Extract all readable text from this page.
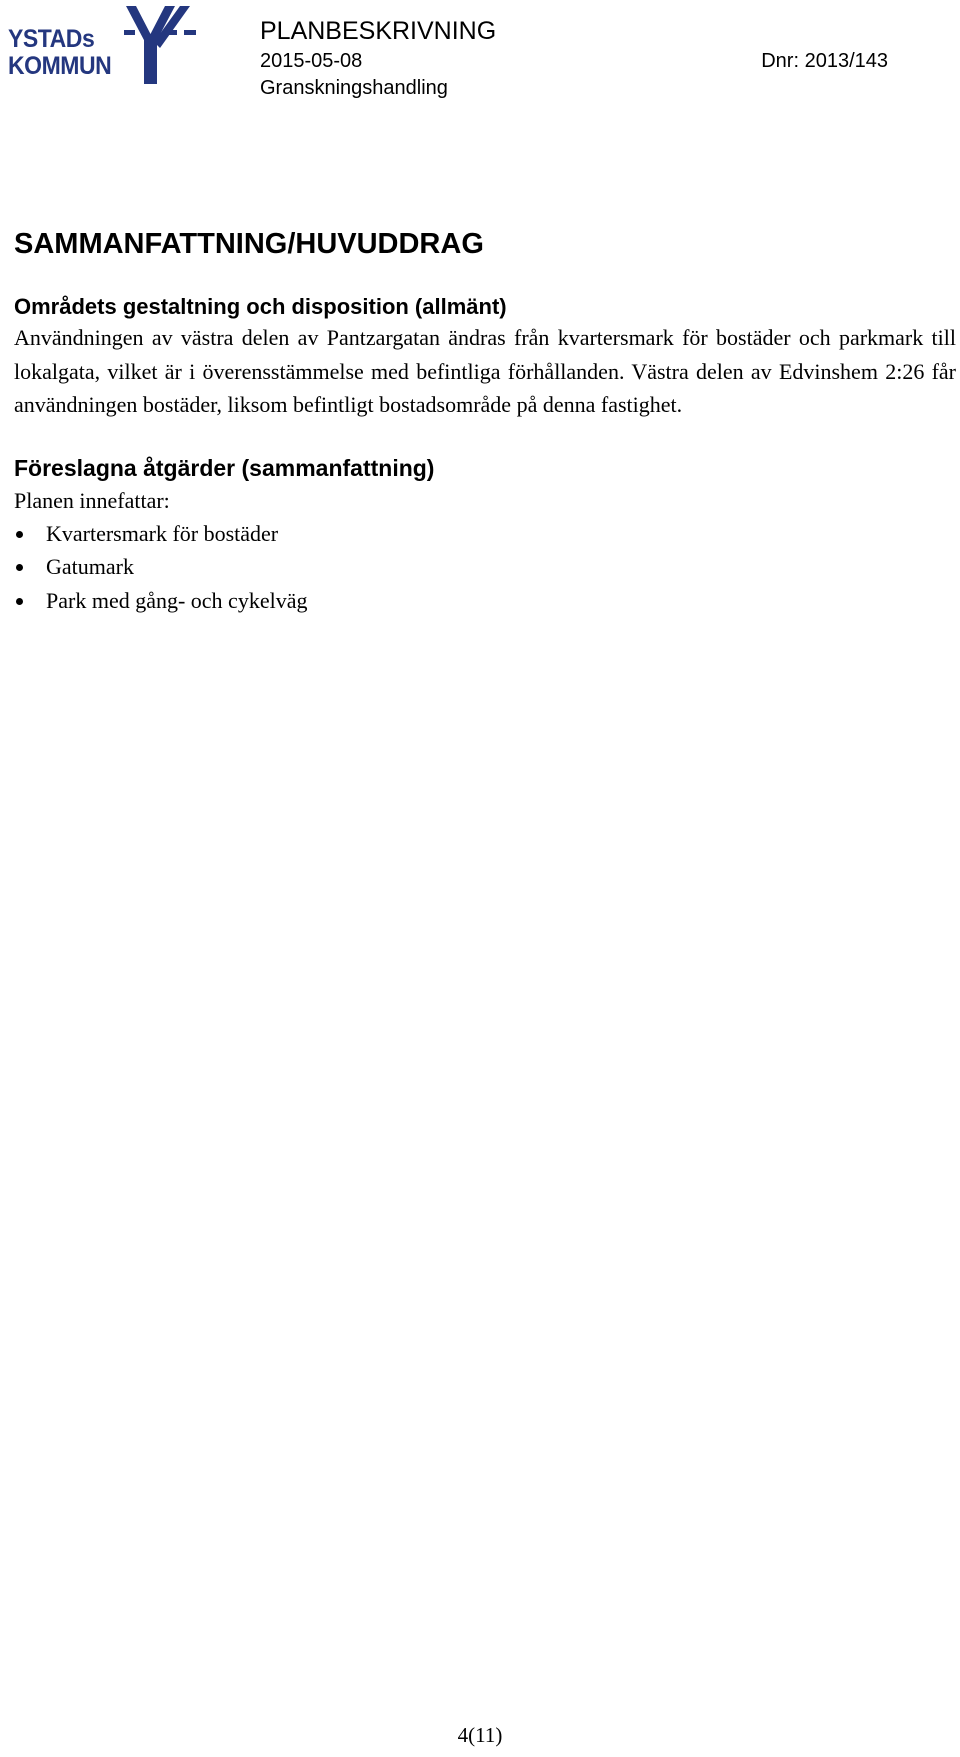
YSTADs
KOMMUN
PLANBESKRIVNING
2015-05-08	Dnr: 2013/143
Granskningshandling
SAMMANFATTNING/HUVUDDRAG
Områdets gestaltning och disposition (allmänt)

Användningen av västra delen av Pantzargatan ändras från kvartersmark för bostäder och parkmark till lokalgata, vilket är i överensstämmelse med befintliga förhållanden. Västra delen av Edvinshem 2:26 får användningen bostäder, liksom befintligt bostadsområde på denna fastighet.

Föreslagna åtgärder (sammanfattning)

Planen innefattar:

Kvartersmark för bostäder
Gatumark
Park med gång- och cykelväg
4(11)
